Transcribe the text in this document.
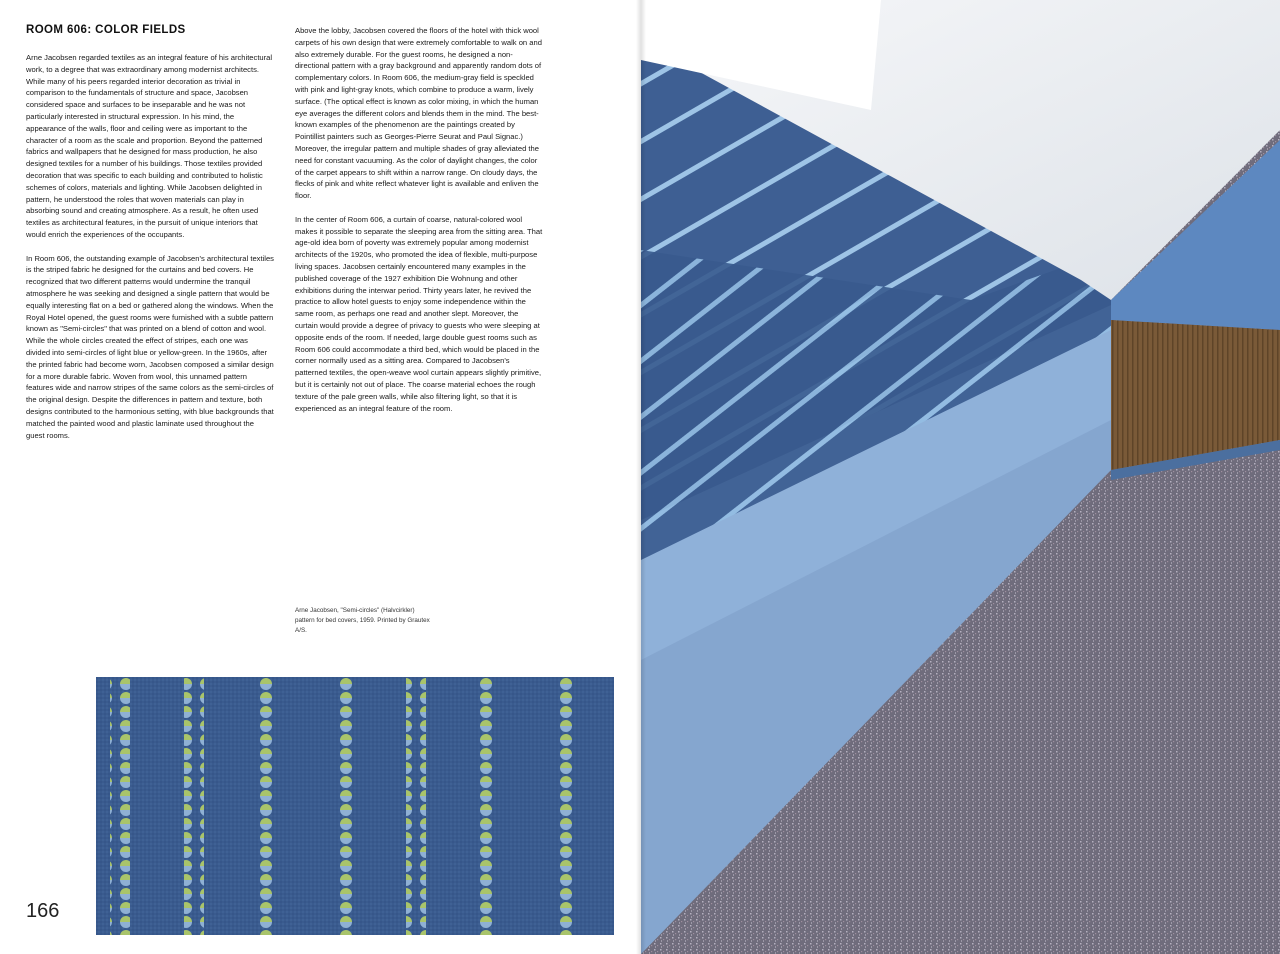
ROOM 606: COLOR FIELDS

Arne Jacobsen regarded textiles as an integral feature of his architectural work, to a degree that was extraordinary among modernist architects. While many of his peers regarded interior decoration as trivial in comparison to the fundamentals of structure and space, Jacobsen considered space and surfaces to be inseparable and he was not particularly interested in structural expression. In his mind, the appearance of the walls, floor and ceiling were as important to the character of a room as the scale and proportion. Beyond the patterned fabrics and wallpapers that he designed for mass production, he also designed textiles for a number of his buildings. Those textiles provided decoration that was specific to each building and contributed to holistic schemes of colors, materials and lighting. While Jacobsen delighted in pattern, he understood the roles that woven materials can play in absorbing sound and creating atmosphere. As a result, he often used textiles as architectural features, in the pursuit of unique interiors that would enrich the experiences of the occupants.

In Room 606, the outstanding example of Jacobsen's architectural textiles is the striped fabric he designed for the curtains and bed covers. He recognized that two different patterns would undermine the tranquil atmosphere he was seeking and designed a single pattern that would be equally interesting flat on a bed or gathered along the windows. When the Royal Hotel opened, the guest rooms were furnished with a subtle pattern known as "Semi-circles" that was printed on a blend of cotton and wool. While the whole circles created the effect of stripes, each one was divided into semi-circles of light blue or yellow-green. In the 1960s, after the printed fabric had become worn, Jacobsen composed a similar design for a more durable fabric. Woven from wool, this unnamed pattern features wide and narrow stripes of the same colors as the semi-circles of the original design. Despite the differences in pattern and texture, both designs contributed to the harmonious setting, with blue backgrounds that matched the painted wood and plastic laminate used throughout the guest rooms.

Above the lobby, Jacobsen covered the floors of the hotel with thick wool carpets of his own design that were extremely comfortable to walk on and also extremely durable. For the guest rooms, he designed a non-directional pattern with a gray background and apparently random dots of complementary colors. In Room 606, the medium-gray field is speckled with pink and light-gray knots, which combine to produce a warm, lively surface. (The optical effect is known as color mixing, in which the human eye averages the different colors and blends them in the mind. The best-known examples of the phenomenon are the paintings created by Pointillist painters such as Georges-Pierre Seurat and Paul Signac.) Moreover, the irregular pattern and multiple shades of gray alleviated the need for constant vacuuming. As the color of daylight changes, the color of the carpet appears to shift within a narrow range. On cloudy days, the flecks of pink and white reflect whatever light is available and enliven the floor.

In the center of Room 606, a curtain of coarse, natural-colored wool makes it possible to separate the sleeping area from the sitting area. That age-old idea born of poverty was extremely popular among modernist architects of the 1920s, who promoted the idea of flexible, multi-purpose living spaces. Jacobsen certainly encountered many examples in the published coverage of the 1927 exhibition Die Wohnung and other exhibitions during the interwar period. Thirty years later, he revived the practice to allow hotel guests to enjoy some independence within the same room, as perhaps one read and another slept. Moreover, the curtain would provide a degree of privacy to guests who were sleeping at opposite ends of the room. If needed, large double guest rooms such as Room 606 could accommodate a third bed, which would be placed in the corner normally used as a sitting area. Compared to Jacobsen's patterned textiles, the open-weave wool curtain appears slightly primitive, but it is certainly not out of place. The coarse material echoes the rough texture of the pale green walls, while also filtering light, so that it is experienced as an integral feature of the room.

Arne Jacobsen, "Semi-circles" (Halvcirkler) pattern for bed covers, 1959. Printed by Grautex A/S.

166
